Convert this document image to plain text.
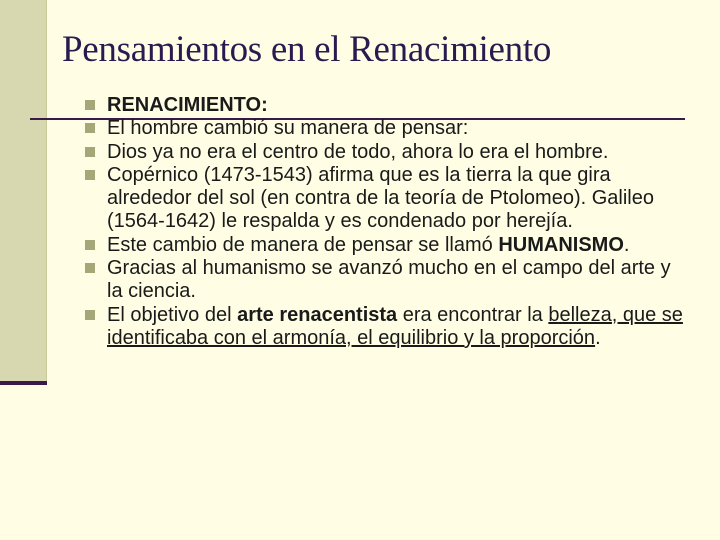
Pensamientos en el Renacimiento
RENACIMIENTO:
El hombre cambió su manera de pensar:
Dios ya no era el centro de todo, ahora lo era el hombre.
Copérnico (1473-1543) afirma que es la tierra la que gira alrededor del sol (en contra de la teoría de Ptolomeo). Galileo (1564-1642) le respalda y es condenado por herejía.
Este cambio de manera de pensar se llamó HUMANISMO.
Gracias al humanismo se avanzó mucho en el campo del arte y la ciencia.
El objetivo del arte renacentista era encontrar la belleza, que se identificaba con el armonía, el equilibrio y la proporción.
